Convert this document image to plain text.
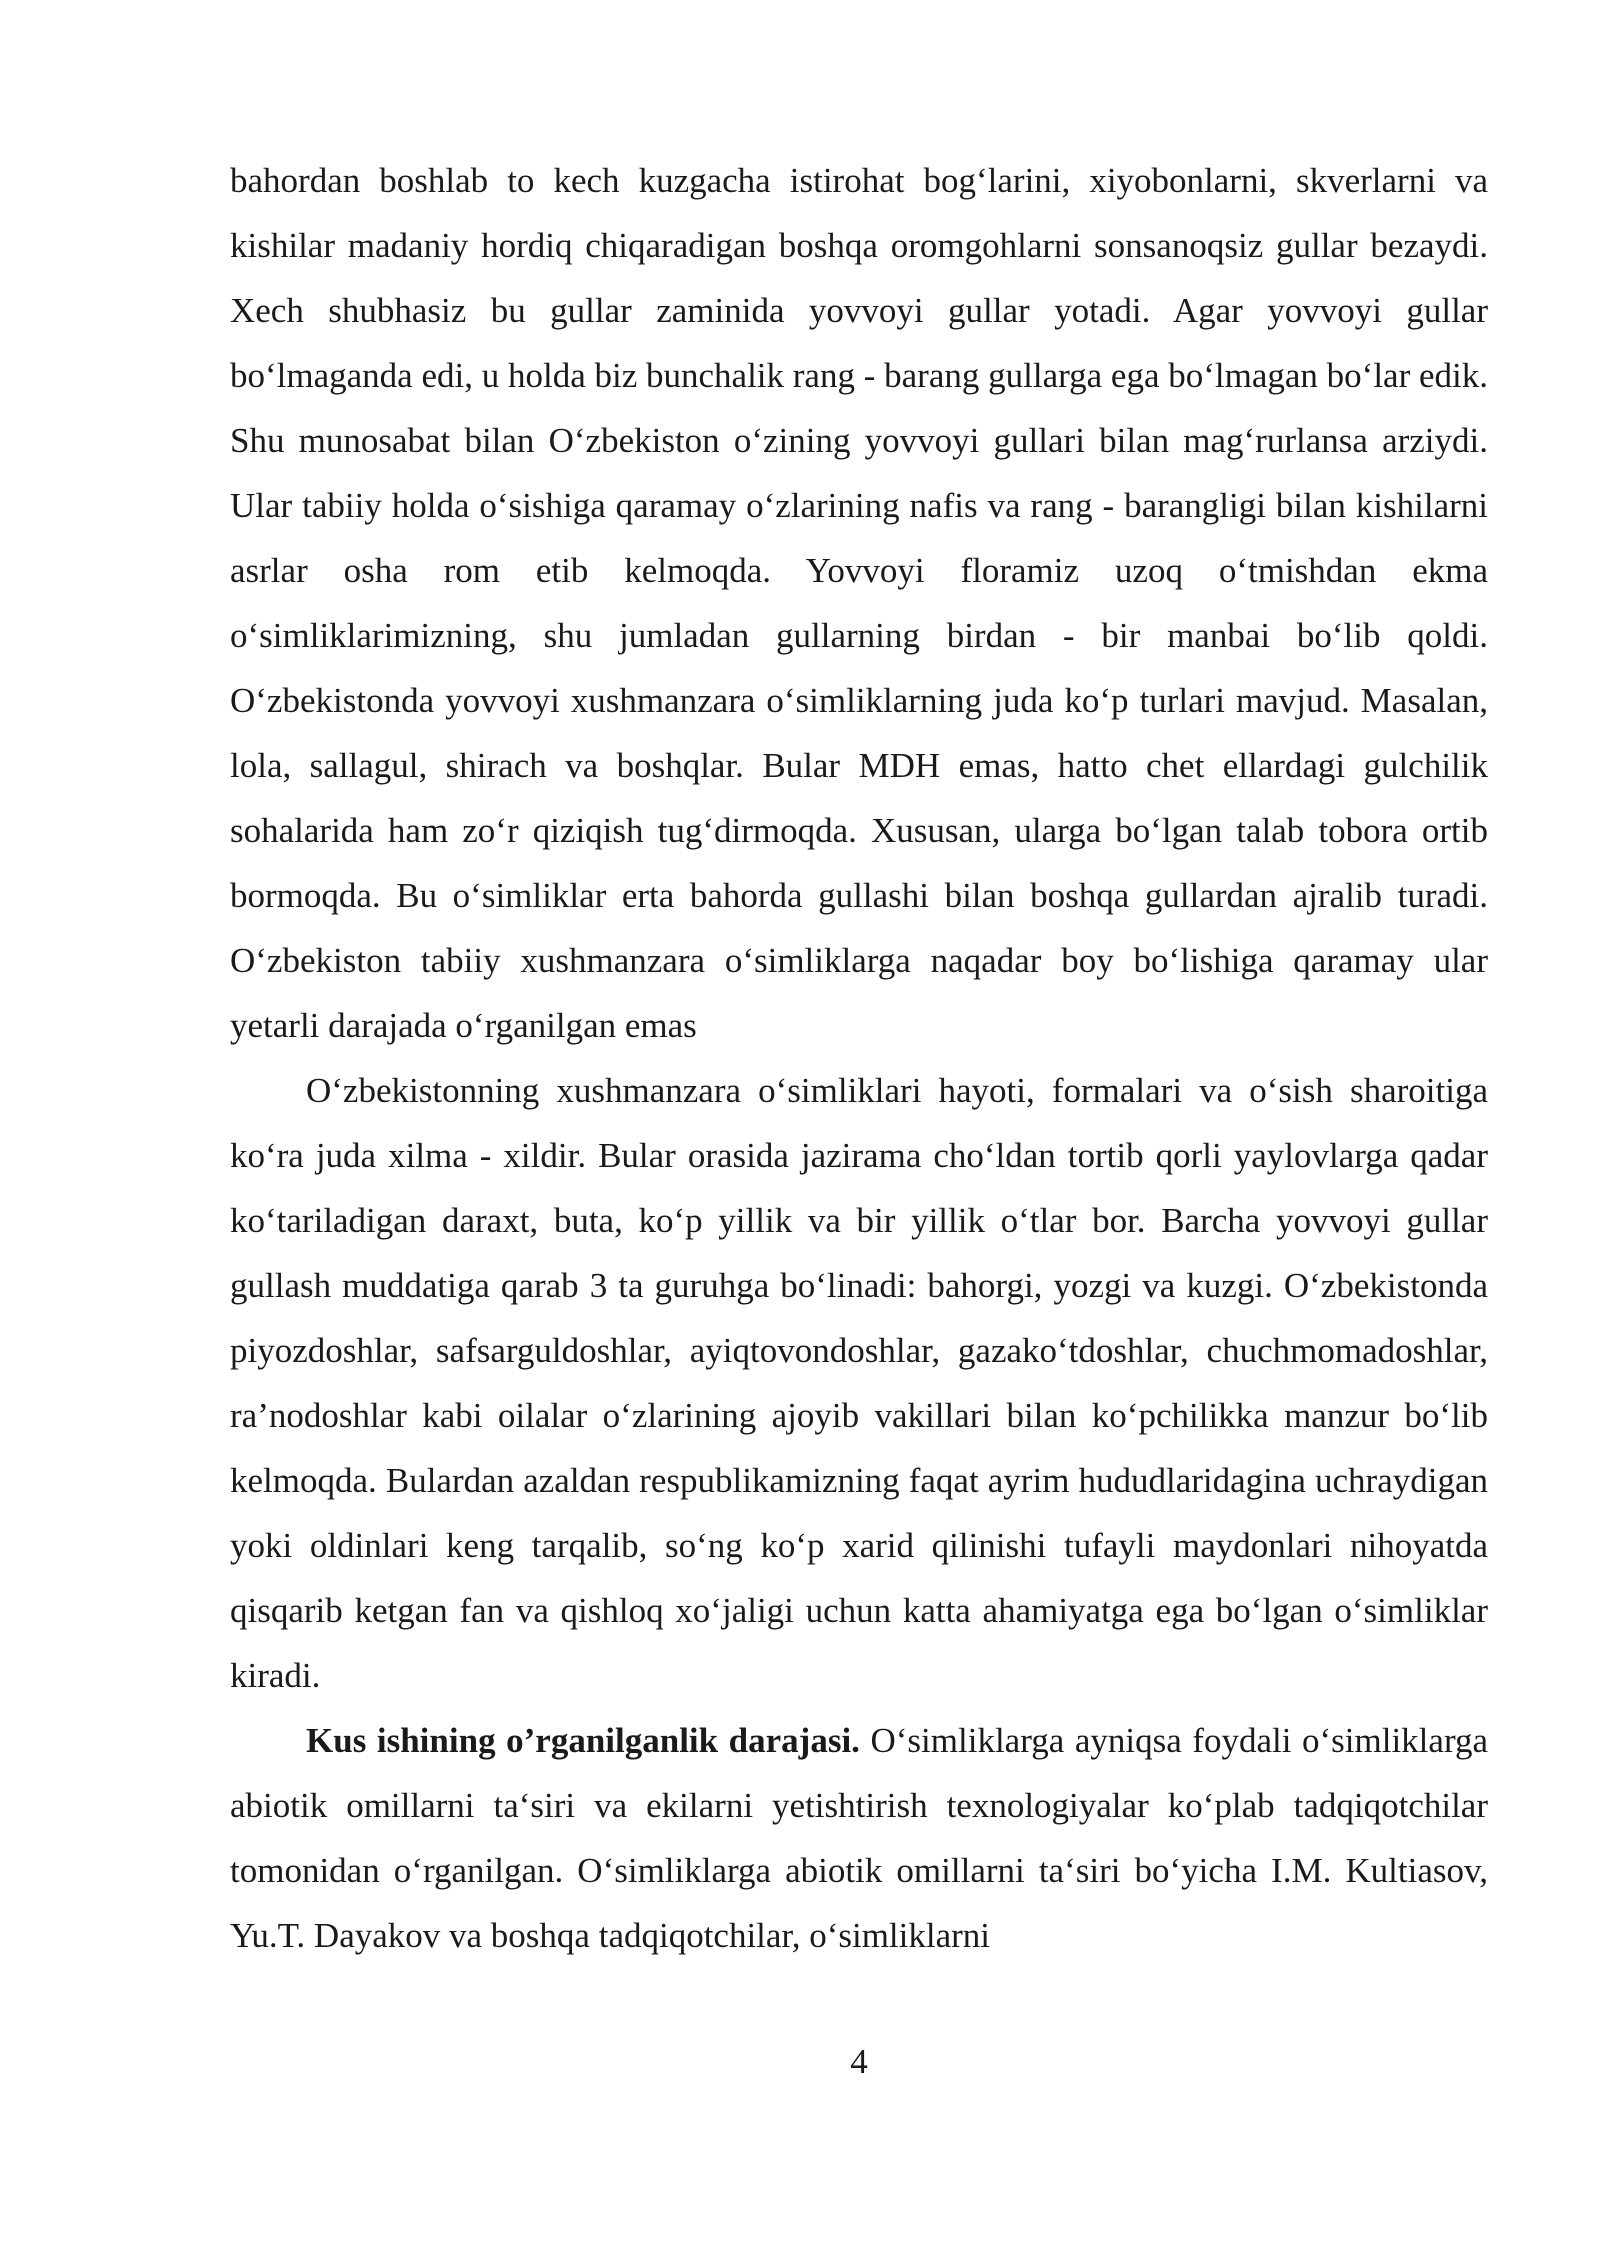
bahordan boshlab to kech kuzgacha istirohat bog‘larini, xiyobonlarni, skverlarni va kishilar madaniy hordiq chiqaradigan boshqa oromgohlarni sonsanoqsiz gullar bezaydi. Xech shubhasiz bu gullar zaminida yovvoyi gullar yotadi. Agar yovvoyi gullar bo‘lmaganda edi, u holda biz bunchalik rang - barang gullarga ega bo‘lmagan bo‘lar edik. Shu munosabat bilan O‘zbekiston o‘zining yovvoyi gullari bilan mag‘rurlansa arziydi. Ular tabiiy holda o‘sishiga qaramay o‘zlarining nafis va rang - barangligi bilan kishilarni asrlar osha rom etib kelmoqda. Yovvoyi floramiz uzoq o‘tmishdan ekma o‘simliklarimizning, shu jumladan gullarning birdan - bir manbai bo‘lib qoldi. O‘zbekistonda yovvoyi xushmanzara o‘simliklarning juda ko‘p turlari mavjud. Masalan, lola, sallagul, shirach va boshqlar. Bular MDH emas, hatto chet ellardagi gulchilik sohalarida ham zo‘r qiziqish tug‘dirmoqda. Xususan, ularga bo‘lgan talab tobora ortib bormoqda. Bu o‘simliklar erta bahorda gullashi bilan boshqa gullardan ajralib turadi. O‘zbekiston tabiiy xushmanzara o‘simliklarga naqadar boy bo‘lishiga qaramay ular yetarli darajada o‘rganilgan emas

O‘zbekistonning xushmanzara o‘simliklari hayoti, formalari va o‘sish sharoitiga ko‘ra juda xilma - xildir. Bular orasida jazirama cho‘ldan tortib qorli yaylovlarga qadar ko‘tariladigan daraxt, buta, ko‘p yillik va bir yillik o‘tlar bor. Barcha yovvoyi gullar gullash muddatiga qarab 3 ta guruhga bo‘linadi: bahorgi, yozgi va kuzgi. O‘zbekistonda piyozdoshlar, safsarguldoshlar, ayiqtovondoshlar, gazako‘tdoshlar, chuchmomadoshlar, ra’nodoshlar kabi oilalar o‘zlarining ajoyib vakillari bilan ko‘pchilikka manzur bo‘lib kelmoqda. Bulardan azaldan respublikamizning faqat ayrim hududlaridagina uchraydigan yoki oldinlari keng tarqalib, so‘ng ko‘p xarid qilinishi tufayli maydonlari nihoyatda qisqarib ketgan fan va qishloq xo‘jaligi uchun katta ahamiyatga ega bo‘lgan o‘simliklar kiradi.

Kus ishining o’rganilganlik darajasi. O‘simliklarga ayniqsa foydali o‘simliklarga abiotik omillarni ta‘siri va ekilarni yetishtirish texnologiyalar ko‘plab tadqiqotchilar tomonidan o‘rganilgan. O‘simliklarga abiotik omillarni ta‘siri bo‘yicha I.M. Kultiasov, Yu.T. Dayakov va boshqa tadqiqotchilar, o‘simliklarni

4
